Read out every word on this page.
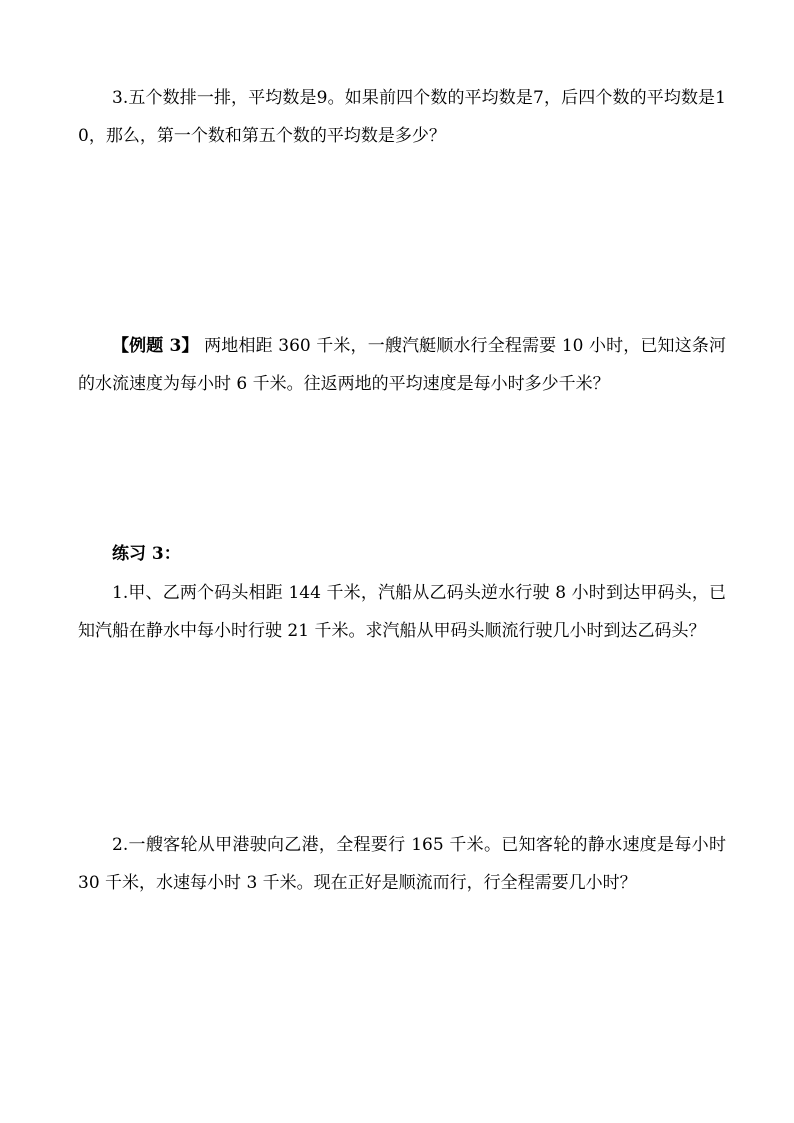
3.五个数排一排，平均数是9。如果前四个数的平均数是7，后四个数的平均数是10，那么，第一个数和第五个数的平均数是多少？

【例题 3】 两地相距 360 千米，一艘汽艇顺水行全程需要 10 小时，已知这条河的水流速度为每小时 6 千米。往返两地的平均速度是每小时多少千米？

练习 3：

1.甲、乙两个码头相距 144 千米，汽船从乙码头逆水行驶 8 小时到达甲码头，已知汽船在静水中每小时行驶 21 千米。求汽船从甲码头顺流行驶几小时到达乙码头？

2.一艘客轮从甲港驶向乙港，全程要行 165 千米。已知客轮的静水速度是每小时 30 千米，水速每小时 3 千米。现在正好是顺流而行，行全程需要几小时？
